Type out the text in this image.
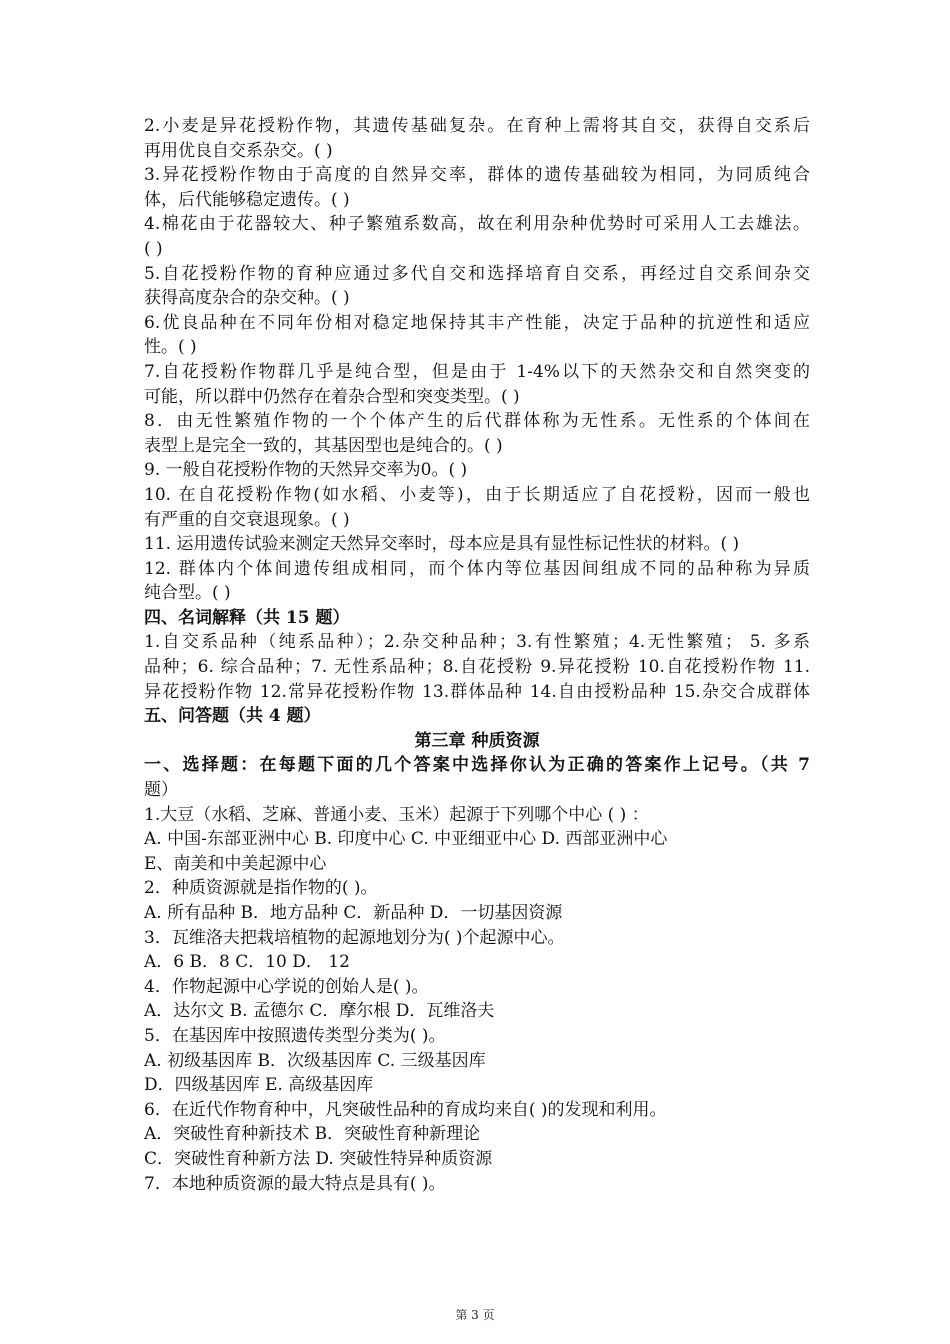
2.小麦是异花授粉作物，其遗传基础复杂。在育种上需将其自交，获得自交系后
再用优良自交系杂交。( )
3.异花授粉作物由于高度的自然异交率，群体的遗传基础较为相同，为同质纯合
体，后代能够稳定遗传。( )
4.棉花由于花器较大、种子繁殖系数高，故在利用杂种优势时可采用人工去雄法。
( )
5.自花授粉作物的育种应通过多代自交和选择培育自交系，再经过自交系间杂交
获得高度杂合的杂交种。( )
6.优良品种在不同年份相对稳定地保持其丰产性能，决定于品种的抗逆性和适应
性。( )
7.自花授粉作物群几乎是纯合型，但是由于 1-4%以下的天然杂交和自然突变的
可能，所以群中仍然存在着杂合型和突变类型。( )
8．由无性繁殖作物的一个个体产生的后代群体称为无性系。无性系的个体间在
表型上是完全一致的，其基因型也是纯合的。( )
9. 一般自花授粉作物的天然异交率为0。( )
10. 在自花授粉作物(如水稻、小麦等)，由于长期适应了自花授粉，因而一般也
有严重的自交衰退现象。( )
11. 运用遗传试验来测定天然异交率时，母本应是具有显性标记性状的材料。( )
12. 群体内个体间遗传组成相同，而个体内等位基因间组成不同的品种称为异质
纯合型。( )
四、名词解释（共 15 题）
1.自交系品种（纯系品种）；2.杂交种品种；3.有性繁殖；4.无性繁殖； 5. 多系
品种；6. 综合品种；7. 无性系品种；8.自花授粉 9.异花授粉 10.自花授粉作物 11.
异花授粉作物 12.常异花授粉作物 13.群体品种 14.自由授粉品种 15.杂交合成群体
五、问答题（共 4 题）
第三章 种质资源
一、选择题：在每题下面的几个答案中选择你认为正确的答案作上记号。（共 7
题）
1.大豆（水稻、芝麻、普通小麦、玉米）起源于下列哪个中心 ( ) ：
A. 中国-东部亚洲中心 B. 印度中心 C. 中亚细亚中心 D. 西部亚洲中心
E、南美和中美起源中心
2．种质资源就是指作物的( )。
A. 所有品种 B．地方品种 C．新品种 D．一切基因资源
3．瓦维洛夫把栽培植物的起源地划分为( )个起源中心。
A．6 B．8 C．10 D． 12
4．作物起源中心学说的创始人是( )。
A．达尔文 B. 孟德尔 C．摩尔根 D．瓦维洛夫
5．在基因库中按照遗传类型分类为( )。
A. 初级基因库 B．次级基因库 C. 三级基因库
D．四级基因库 E. 高级基因库
6．在近代作物育种中，凡突破性品种的育成均来自( )的发现和利用。
A．突破性育种新技术 B．突破性育种新理论
C．突破性育种新方法 D. 突破性特异种质资源
7．本地种质资源的最大特点是具有( )。
第 3 页
